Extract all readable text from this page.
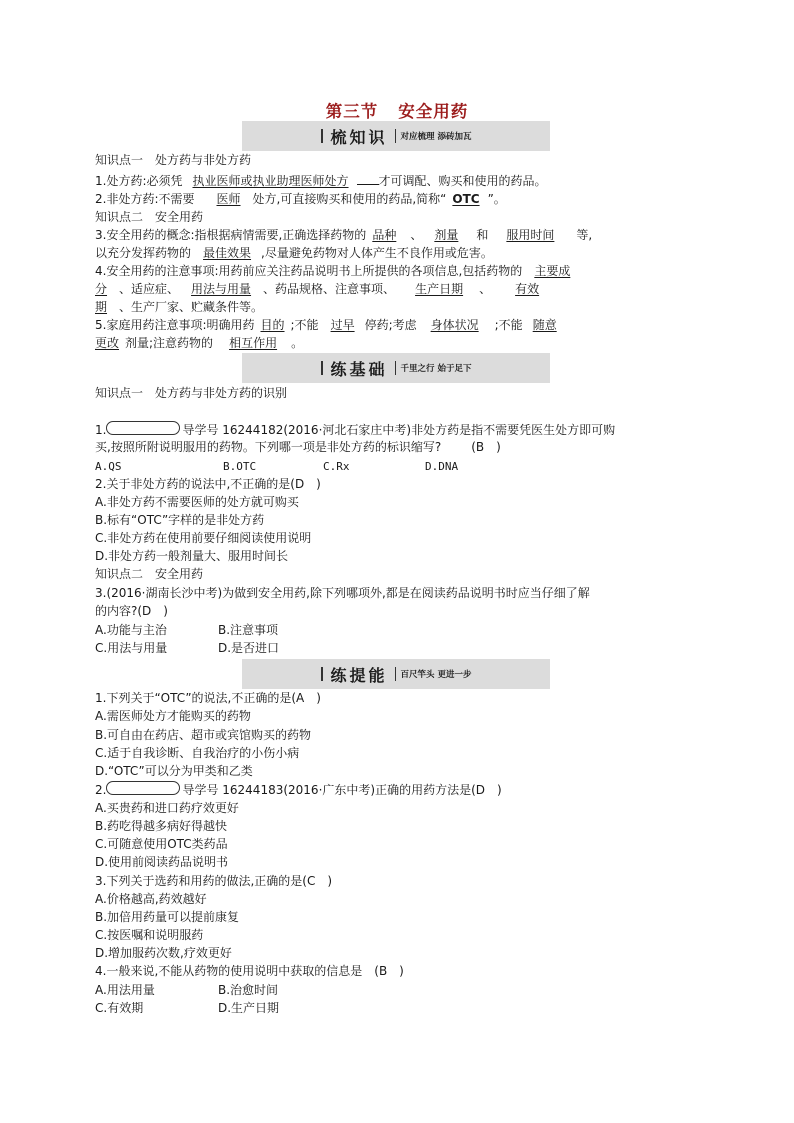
第三节 安全用药
梳知识 对应梳理 添砖加瓦
知识点一　处方药与非处方药
1.处方药:必须凭 执业医师或执业助理医师处方	才可调配、购买和使用的药品。
2.非处方药:不需要 医师 处方,可直接购买和使用的药品,简称“ OTC ”。
知识点二　安全用药
3.安全用药的概念:指根据病情需要,正确选择药物的 品种 、 剂量 和 服用时间 等,
以充分发挥药物的 最佳效果 ,尽量避免药物对人体产生不良作用或危害。
4.安全用药的注意事项:用药前应关注药品说明书上所提供的各项信息,包括药物的 主要成
分 、适应症、 用法与用量 、药品规格、注意事项、 生产日期 、 有效
期 、生产厂家、贮藏条件等。
5.家庭用药注意事项:明确用药 目的 ;不能 过早 停药;考虑 身体状况 ;不能 随意
更改 剂量;注意药物的 相互作用 。
练基础 千里之行 始于足下
知识点一　处方药与非处方药的识别
1.	导学号 16244182(2016·河北石家庄中考)非处方药是指不需要凭医生处方即可购
买,按照所附说明服用的药物。下列哪一项是非处方药的标识缩写?	(B　)
A.QS	B.OTC	C.Rx	D.DNA
2.关于非处方药的说法中,不正确的是(D　)
A.非处方药不需要医师的处方就可购买
B.标有“OTC”字样的是非处方药
C.非处方药在使用前要仔细阅读使用说明
D.非处方药一般剂量大、服用时间长
知识点二　安全用药
3.(2016·湖南长沙中考)为做到安全用药,除下列哪项外,都是在阅读药品说明书时应当仔细了解
的内容?(D　)
A.功能与主治	B.注意事项
C.用法与用量	D.是否进口
练提能 百尺竿头 更进一步
1.下列关于“OTC”的说法,不正确的是(A　)
A.需医师处方才能购买的药物
B.可自由在药店、超市或宾馆购买的药物
C.适于自我诊断、自我治疗的小伤小病
D.“OTC”可以分为甲类和乙类
2.	导学号 16244183(2016·广东中考)正确的用药方法是(D　)
A.买贵药和进口药疗效更好
B.药吃得越多病好得越快
C.可随意使用OTC类药品
D.使用前阅读药品说明书
3.下列关于选药和用药的做法,正确的是(C　)
A.价格越高,药效越好
B.加倍用药量可以提前康复
C.按医嘱和说明服药
D.增加服药次数,疗效更好
4.一般来说,不能从药物的使用说明中获取的信息是　(B　)
A.用法用量	B.治愈时间
C.有效期	D.生产日期
